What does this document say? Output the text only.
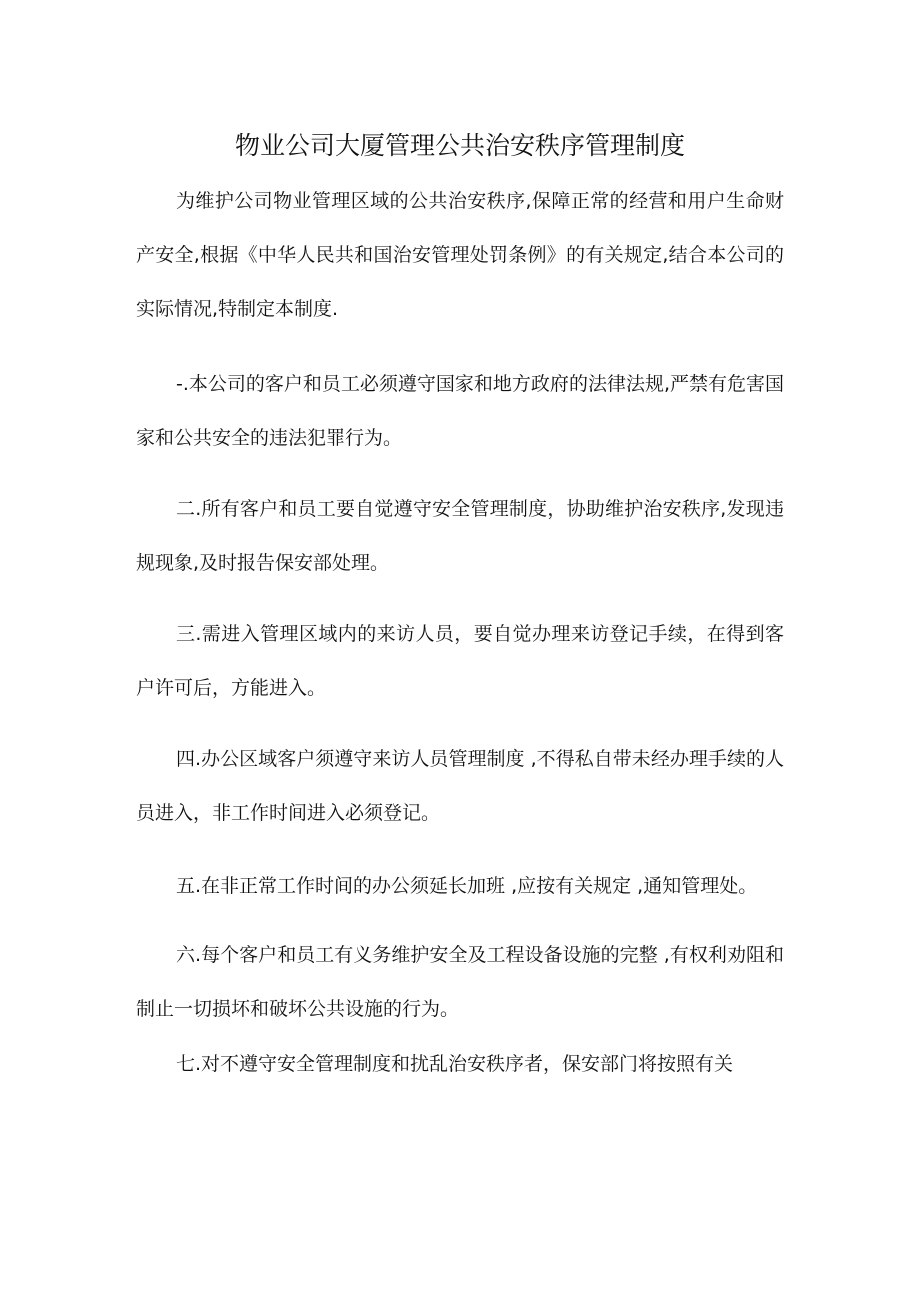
物业公司大厦管理公共治安秩序管理制度

为维护公司物业管理区域的公共治安秩序,保障正常的经营和用户生命财产安全,根据《中华人民共和国治安管理处罚条例》的有关规定,结合本公司的实际情况,特制定本制度.

-.本公司的客户和员工必须遵守国家和地方政府的法律法规,严禁有危害国家和公共安全的违法犯罪行为。

二.所有客户和员工要自觉遵守安全管理制度，协助维护治安秩序,发现违规现象,及时报告保安部处理。

三.需进入管理区域内的来访人员，要自觉办理来访登记手续，在得到客户许可后，方能进入。

四.办公区域客户须遵守来访人员管理制度 ,不得私自带未经办理手续的人员进入，非工作时间进入必须登记。

五.在非正常工作时间的办公须延长加班 ,应按有关规定 ,通知管理处。

六.每个客户和员工有义务维护安全及工程设备设施的完整 ,有权利劝阻和制止一切损坏和破坏公共设施的行为。

七.对不遵守安全管理制度和扰乱治安秩序者，保安部门将按照有关
